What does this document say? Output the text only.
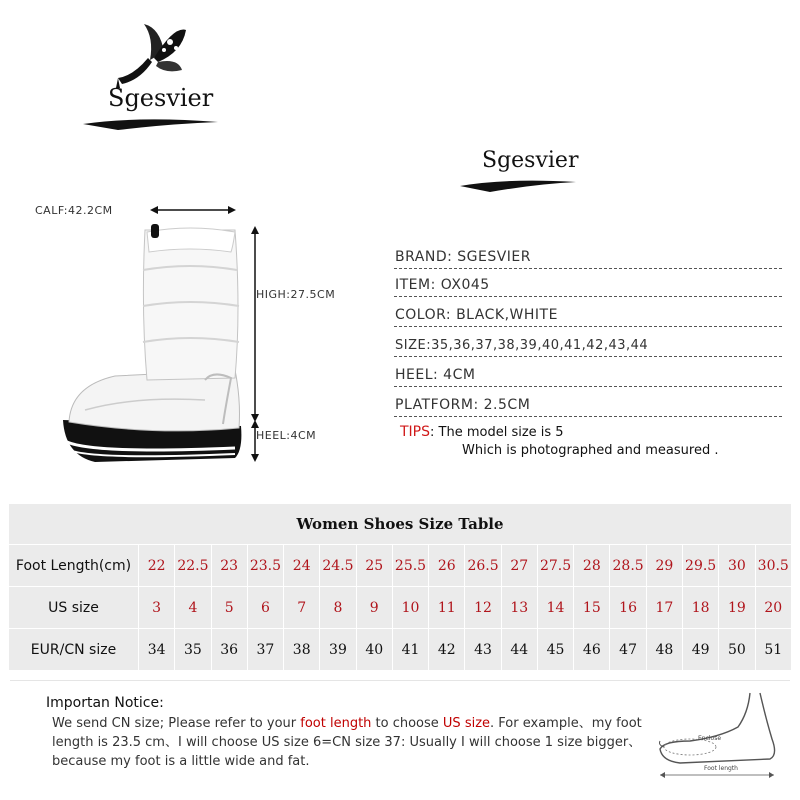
Sgesvier
Sgesvier
CALF:42.2CM
HIGH:27.5CM
HEEL:4CM
BRAND: SGESVIER
ITEM: OX045
COLOR: BLACK,WHITE
SIZE:35,36,37,38,39,40,41,42,43,44
HEEL: 4CM
PLATFORM: 2.5CM
TIPS: The model size is 5
Which is photographed and measured .
Women Shoes Size Table																		
Foot Length(cm)	22	22.5	23	23.5	24	24.5	25	25.5	26	26.5	27	27.5	28	28.5	29	29.5	30	30.5
US size	3	4	5	6	7	8	9	10	11	12	13	14	15	16	17	18	19	20
EUR/CN size	34	35	36	37	38	39	40	41	42	43	44	45	46	47	48	49	50	51
Importan Notice:
We send CN size; Please refer to your foot length to choose US size. For example、my foot length is 23.5 cm、I will choose US size 6=CN size 37: Usually I will choose 1 size bigger、because my foot is a little wide and fat.
Enclose
Foot length
